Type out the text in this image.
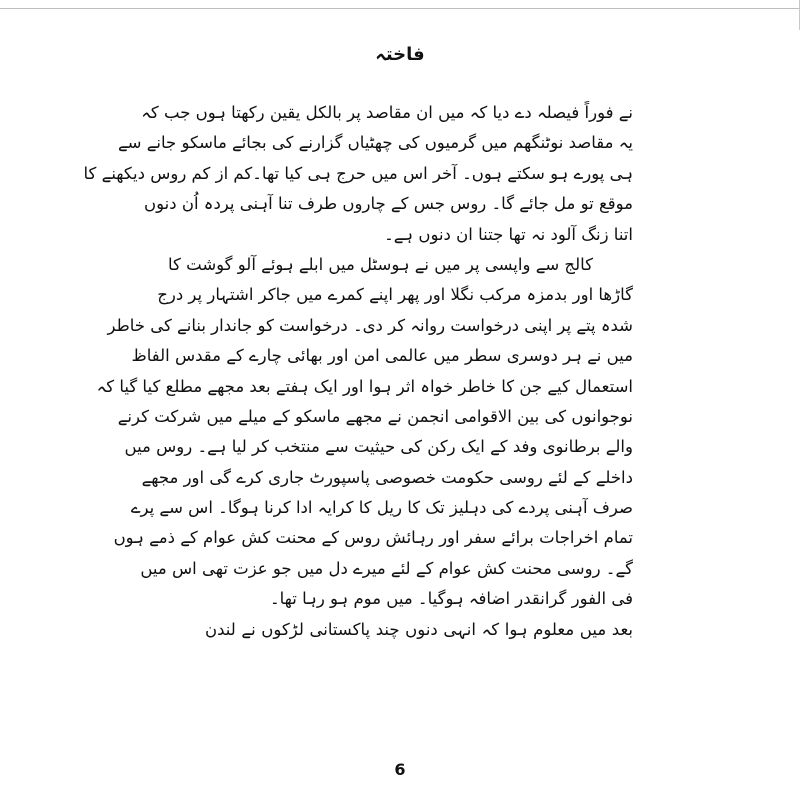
فاختہ
نے فوراً فیصلہ دے دیا کہ میں ان مقاصد پر بالکل یقین رکھتا ہوں جب کہ
یہ مقاصد نوٹنگھم میں گرمیوں کی چھٹیاں گزارنے کی بجائے ماسکو جانے سے
ہی پورے ہو سکتے ہوں۔ آخر اس میں حرج ہی کیا تھا۔کم از کم روس دیکھنے کا
موقع تو مل جائے گا۔ روس جس کے چاروں طرف تنا آہنی پردہ اُن دنوں
اتنا زنگ آلود نہ تھا جتنا ان دنوں ہے۔
کالج سے واپسی پر میں نے ہوسٹل میں ابلے ہوئے آلو گوشت کا
گاڑھا اور بدمزہ مرکب نگلا اور پھر اپنے کمرے میں جاکر اشتہار پر درج
شدہ پتے پر اپنی درخواست روانہ کر دی۔ درخواست کو جاندار بنانے کی خاطر
میں نے ہر دوسری سطر میں عالمی امن اور بھائی چارے کے مقدس الفاظ
استعمال کیے جن کا خاطر خواہ اثر ہوا اور ایک ہفتے بعد مجھے مطلع کیا گیا کہ
نوجوانوں کی بین الاقوامی انجمن نے مجھے ماسکو کے میلے میں شرکت کرنے
والے برطانوی وفد کے ایک رکن کی حیثیت سے منتخب کر لیا ہے۔ روس میں
داخلے کے لئے روسی حکومت خصوصی پاسپورٹ جاری کرے گی اور مجھے
صرف آہنی پردے کی دہلیز تک کا ریل کا کرایہ ادا کرنا ہوگا۔ اس سے پرے
تمام اخراجات برائے سفر اور رہائش روس کے محنت کش عوام کے ذمے ہوں
گے۔ روسی محنت کش عوام کے لئے میرے دل میں جو عزت تھی اس میں
فی الفور گرانقدر اضافہ ہوگیا۔ میں موم ہو رہا تھا۔
بعد میں معلوم ہوا کہ انہی دنوں چند پاکستانی لڑکوں نے لندن
6
